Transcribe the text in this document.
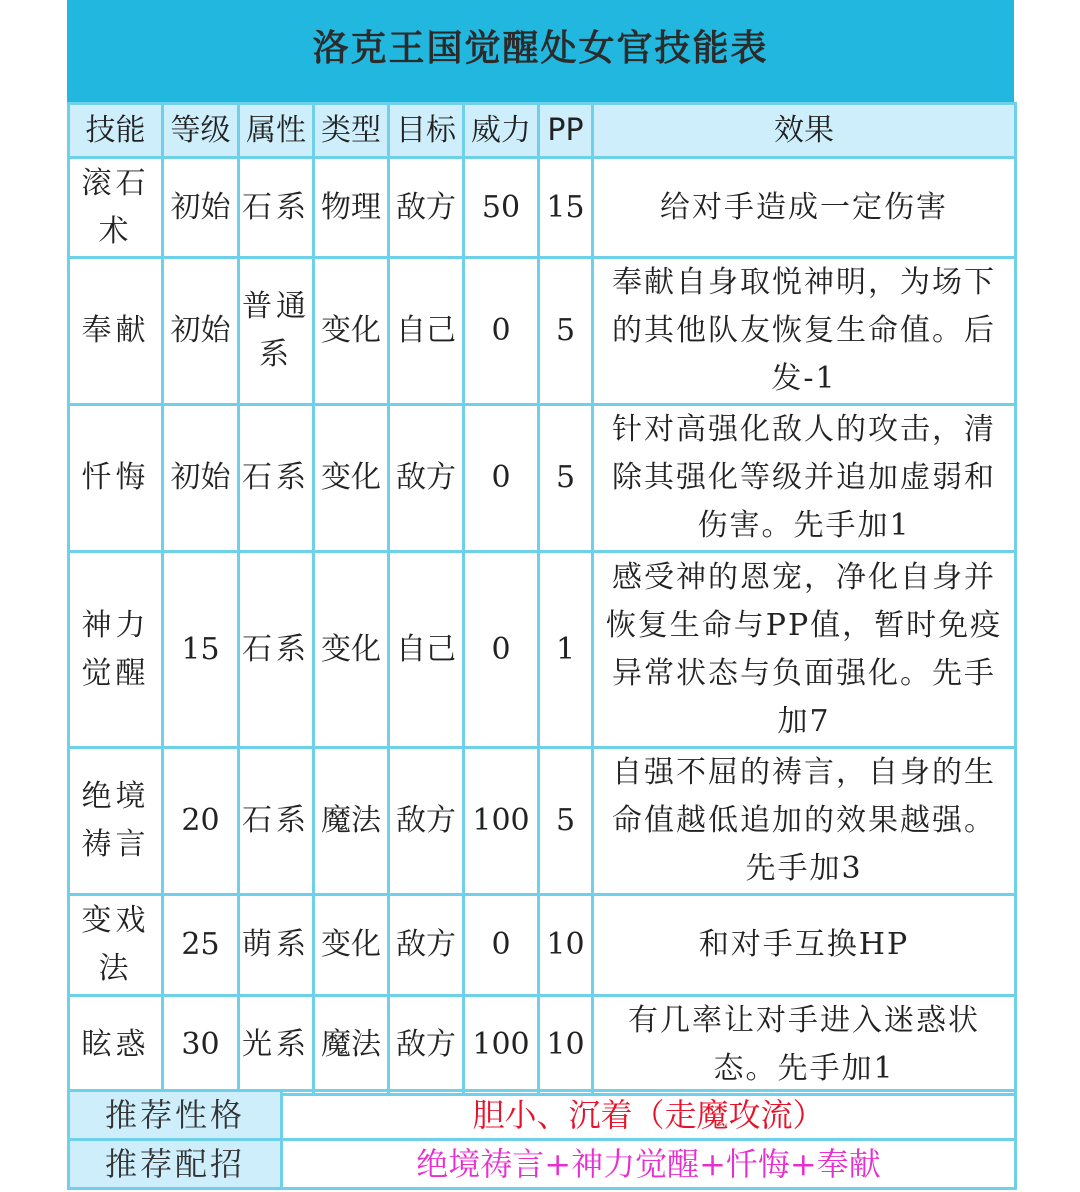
洛克王国觉醒处女官技能表
技能	等级	属性	类型	目标	威力	PP	效果
滚石术	初始	石系	物理	敌方	50	15	给对手造成一定伤害
奉献	初始	普通系	变化	自己	0	5	奉献自身取悦神明，为场下的其他队友恢复生命值。后发-1
忏悔	初始	石系	变化	敌方	0	5	针对高强化敌人的攻击，清除其强化等级并追加虚弱和伤害。先手加1
神力觉醒	15	石系	变化	自己	0	1	感受神的恩宠，净化自身并恢复生命与PP值，暂时免疫异常状态与负面强化。先手加7
绝境祷言	20	石系	魔法	敌方	100	5	自强不屈的祷言，自身的生命值越低追加的效果越强。先手加3
变戏法	25	萌系	变化	敌方	0	10	和对手互换HP
眩惑	30	光系	魔法	敌方	100	10	有几率让对手进入迷惑状态。先手加1
推荐性格	胆小、沉着（走魔攻流）
推荐配招	绝境祷言+神力觉醒+忏悔+奉献
